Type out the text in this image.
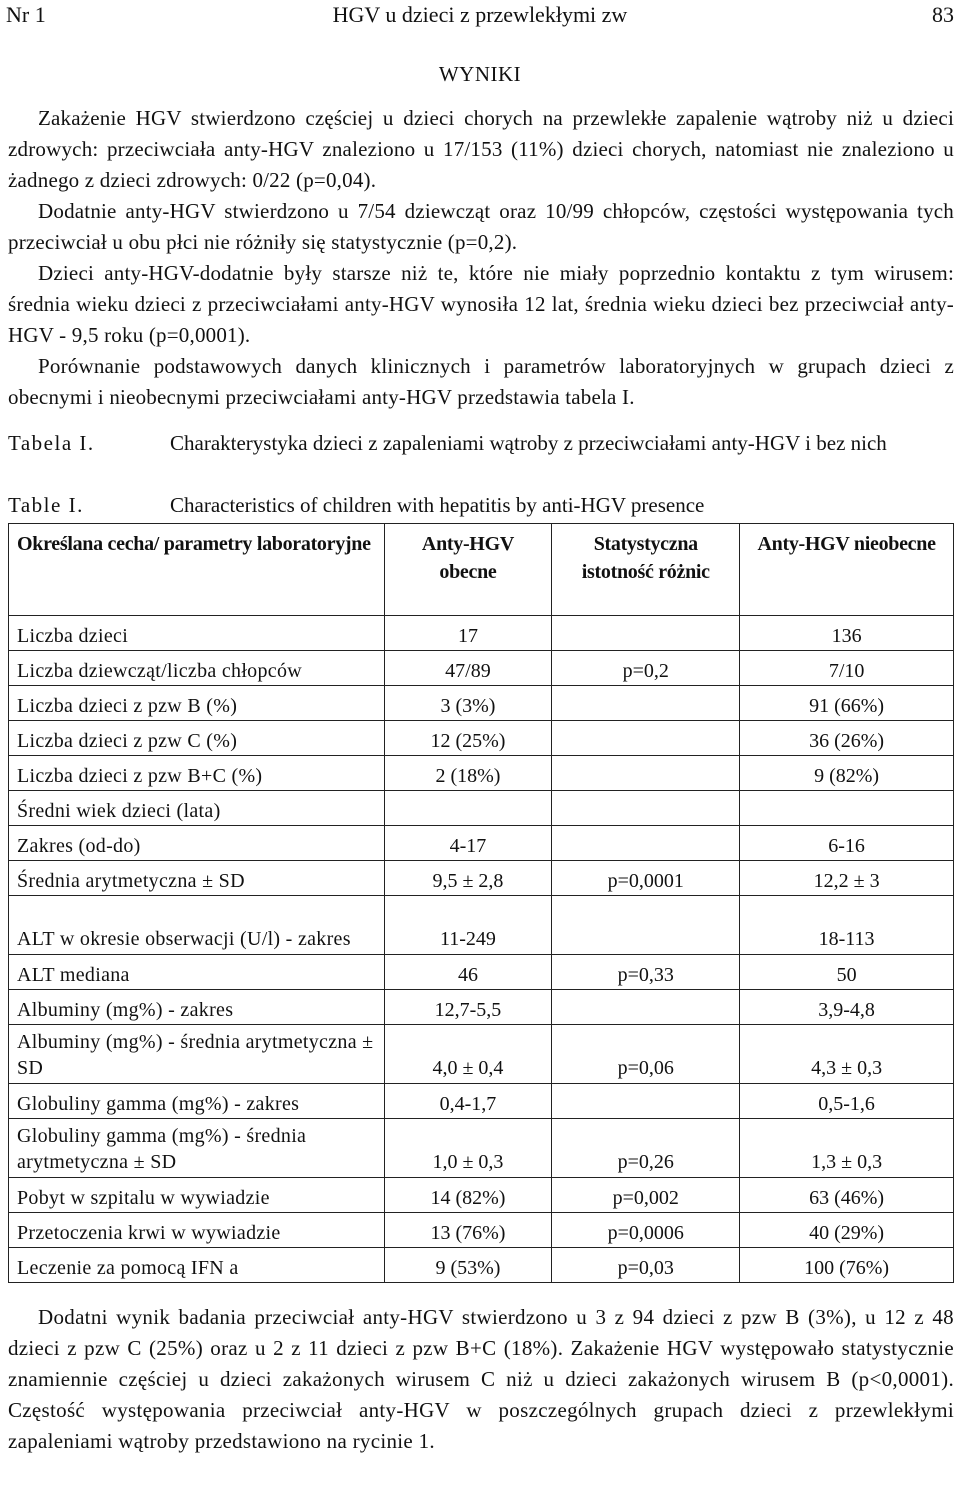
Nr 1	HGV u dzieci z przewlekłymi zw	83
WYNIKI

Zakażenie HGV stwierdzono częściej u dzieci chorych na przewlekłe zapalenie wątroby niż u dzieci zdrowych: przeciwciała anty-HGV znaleziono u 17/153 (11%) dzieci chorych, natomiast nie znaleziono u żadnego z dzieci zdrowych: 0/22 (p=0,04).

Dodatnie anty-HGV stwierdzono u 7/54 dziewcząt oraz 10/99 chłopców, częstości występowania tych przeciwciał u obu płci nie różniły się statystycznie (p=0,2).

Dzieci anty-HGV-dodatnie były starsze niż te, które nie miały poprzednio kontaktu z tym wirusem: średnia wieku dzieci z przeciwciałami anty-HGV wynosiła 12 lat, średnia wieku dzieci bez przeciwciał anty-HGV - 9,5 roku (p=0,0001).

Porównanie podstawowych danych klinicznych i parametrów laboratoryjnych w grupach dzieci z obecnymi i nieobecnymi przeciwciałami anty-HGV przedstawia tabela I.

Tabela I.	Charakterystyka dzieci z zapaleniami wątroby z przeciwciałami anty-HGV i bez nich
Table I.	Characteristics of children with hepatitis by anti-HGV presence
Określana cecha/ parametry laboratoryjne	Anty-HGV obecne	Statystyczna istotność różnic	Anty-HGV nieobecne
Liczba dzieci	17		136
Liczba dziewcząt/liczba chłopców	47/89	p=0,2	7/10
Liczba dzieci z pzw B (%)	3 (3%)		91 (66%)
Liczba dzieci z pzw C (%)	12 (25%)		36 (26%)
Liczba dzieci z pzw B+C (%)	2 (18%)		9 (82%)
Średni wiek dzieci (lata)			
Zakres (od-do)	4-17		6-16
Średnia arytmetyczna ± SD	9,5 ± 2,8	p=0,0001	12,2 ± 3
ALT w okresie obserwacji (U/l) - zakres	11-249		18-113
ALT mediana	46	p=0,33	50
Albuminy (mg%) - zakres	12,7-5,5		3,9-4,8
Albuminy (mg%) - średnia arytmetyczna ± SD	4,0 ± 0,4	p=0,06	4,3 ± 0,3
Globuliny gamma (mg%) - zakres	0,4-1,7		0,5-1,6
Globuliny gamma (mg%) - średnia arytmetyczna ± SD	1,0 ± 0,3	p=0,26	1,3 ± 0,3
Pobyt w szpitalu w wywiadzie	14 (82%)	p=0,002	63 (46%)
Przetoczenia krwi w wywiadzie	13 (76%)	p=0,0006	40 (29%)
Leczenie za pomocą IFN a	9 (53%)	p=0,03	100 (76%)

Dodatni wynik badania przeciwciał anty-HGV stwierdzono u 3 z 94 dzieci z pzw B (3%), u 12 z 48 dzieci z pzw C (25%) oraz u 2 z 11 dzieci z pzw B+C (18%). Zakażenie HGV występowało statystycznie znamiennie częściej u dzieci zakażonych wirusem C niż u dzieci zakażonych wirusem B (p<0,0001). Częstość występowania przeciwciał anty-HGV w poszczególnych grupach dzieci z przewlekłymi zapaleniami wątroby przedstawiono na rycinie 1.
